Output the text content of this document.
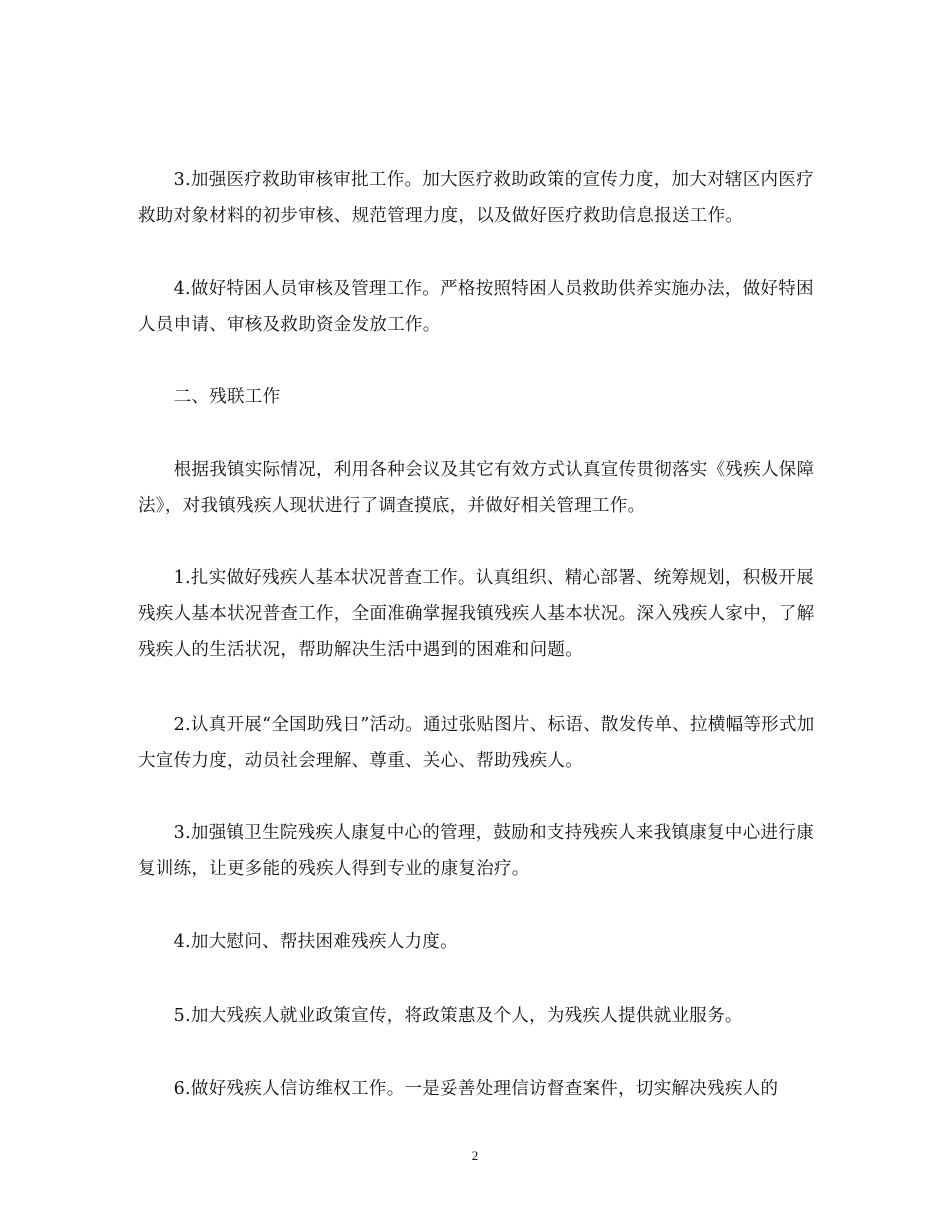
　　3.加强医疗救助审核审批工作。加大医疗救助政策的宣传力度，加大对辖区内医疗救助对象材料的初步审核、规范管理力度，以及做好医疗救助信息报送工作。

　　4.做好特困人员审核及管理工作。严格按照特困人员救助供养实施办法，做好特困人员申请、审核及救助资金发放工作。

　　二、残联工作

　　根据我镇实际情况，利用各种会议及其它有效方式认真宣传贯彻落实《残疾人保障法》，对我镇残疾人现状进行了调查摸底，并做好相关管理工作。

　　1.扎实做好残疾人基本状况普查工作。认真组织、精心部署、统筹规划，积极开展残疾人基本状况普查工作，全面准确掌握我镇残疾人基本状况。深入残疾人家中，了解残疾人的生活状况，帮助解决生活中遇到的困难和问题。

　　2.认真开展“全国助残日”活动。通过张贴图片、标语、散发传单、拉横幅等形式加大宣传力度，动员社会理解、尊重、关心、帮助残疾人。

　　3.加强镇卫生院残疾人康复中心的管理，鼓励和支持残疾人来我镇康复中心进行康复训练，让更多能的残疾人得到专业的康复治疗。

　　4.加大慰问、帮扶困难残疾人力度。

　　5.加大残疾人就业政策宣传，将政策惠及个人，为残疾人提供就业服务。

　　6.做好残疾人信访维权工作。一是妥善处理信访督查案件，切实解决残疾人的

2
